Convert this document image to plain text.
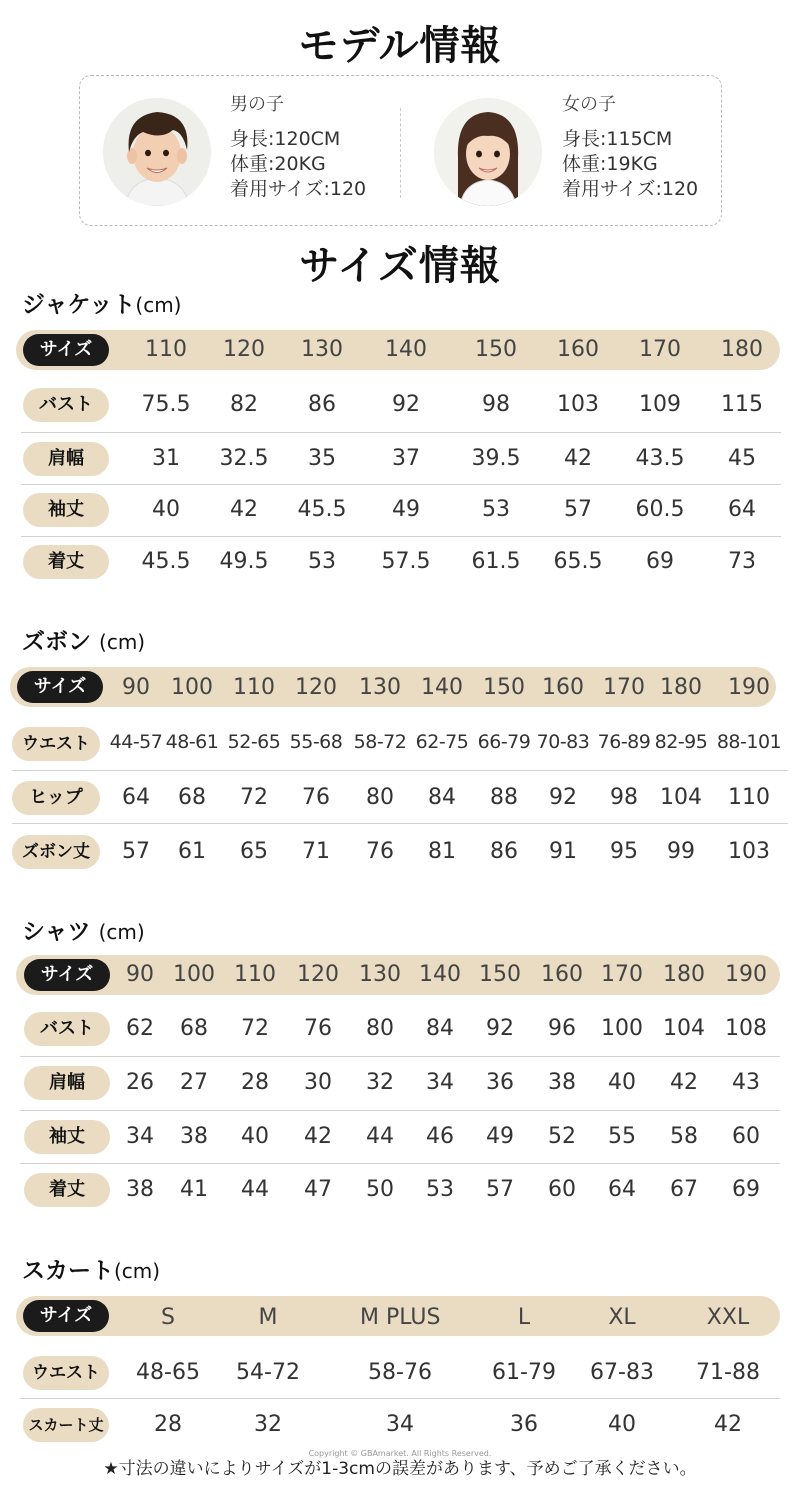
モデル情報
男の子
身長:120CM
体重:20KG
着用サイズ:120
女の子
身長:115CM
体重:19KG
着用サイズ:120
サイズ情報
ジャケット(cm)
サイズ	110	120	130	140	150	160	170	180
バスト	75.5	82	86	92	98	103	109	115
肩幅	31	32.5	35	37	39.5	42	43.5	45
袖丈	40	42	45.5	49	53	57	60.5	64
着丈	45.5	49.5	53	57.5	61.5	65.5	69	73
ズボン (cm)
サイズ	90 100 110 120	130 140 150 160 170 180	190
ウエスト	44-57 48-61 52-65 55-68 58-72 62-75 66-79 70-83 76-89 82-95 88-101
ヒップ	64	68	72	76	80	84	88	92	98	104	110
ズボン丈	57	61	65	71	76	81	86	91	95	99	103
シャツ (cm)
サイズ	90 100 110 120 130 140 150 160 170 180 190
バスト	62	68	72	76	80	84	92	96	100 104 108
肩幅	26	27	28	30	32	34	36	38	40	42	43
袖丈	34	38	40	42	44	46	49	52	55	58	60
着丈	38	41	44	47	50	53	57	60	64	67	69
スカート(cm)
サイズ	S	M	M PLUS	L	XL	XXL
ウエスト	48-65	54-72	58-76	61-79	67-83	71-88
スカート丈	28	32	34	36	40	42
Copyright © GBAmarket. All Rights Reserved.
★寸法の違いによりサイズが1-3cmの誤差があります、予めご了承ください。
